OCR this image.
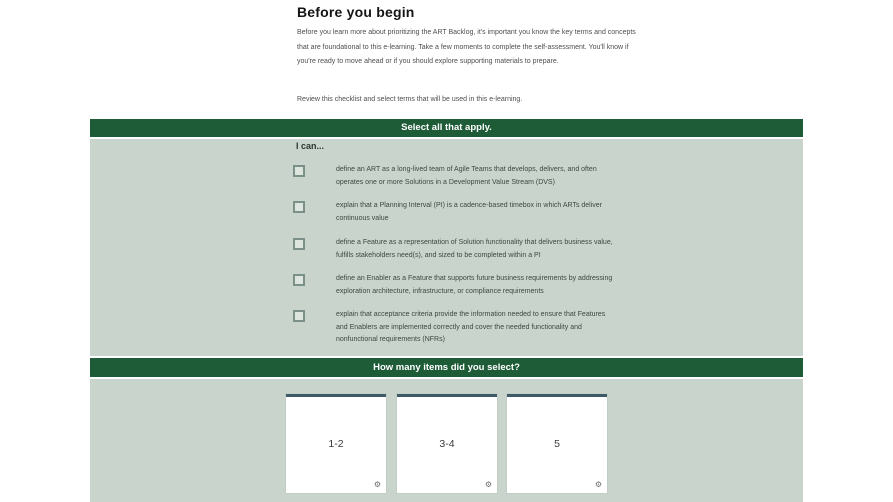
Before you begin

Before you learn more about prioritizing the ART Backlog, it's important you know the key terms and concepts that are foundational to this e-learning. Take a few moments to complete the self-assessment. You'll know if you're ready to move ahead or if you should explore supporting materials to prepare.

Review this checklist and select terms that will be used in this e-learning.

Select all that apply.
I can...
define an ART as a long-lived team of Agile Teams that develops, delivers, and often operates one or more Solutions in a Development Value Stream (DVS)
explain that a Planning Interval (PI) is a cadence-based timebox in which ARTs deliver continuous value
define a Feature as a representation of Solution functionality that delivers business value, fulfills stakeholders need(s), and sized to be completed within a PI
define an Enabler as a Feature that supports future business requirements by addressing exploration architecture, infrastructure, or compliance requirements
explain that acceptance criteria provide the information needed to ensure that Features and Enablers are implemented correctly and cover the needed functionality and nonfunctional requirements (NFRs)
How many items did you select?
1-2
⚙
3-4
⚙
5
⚙
